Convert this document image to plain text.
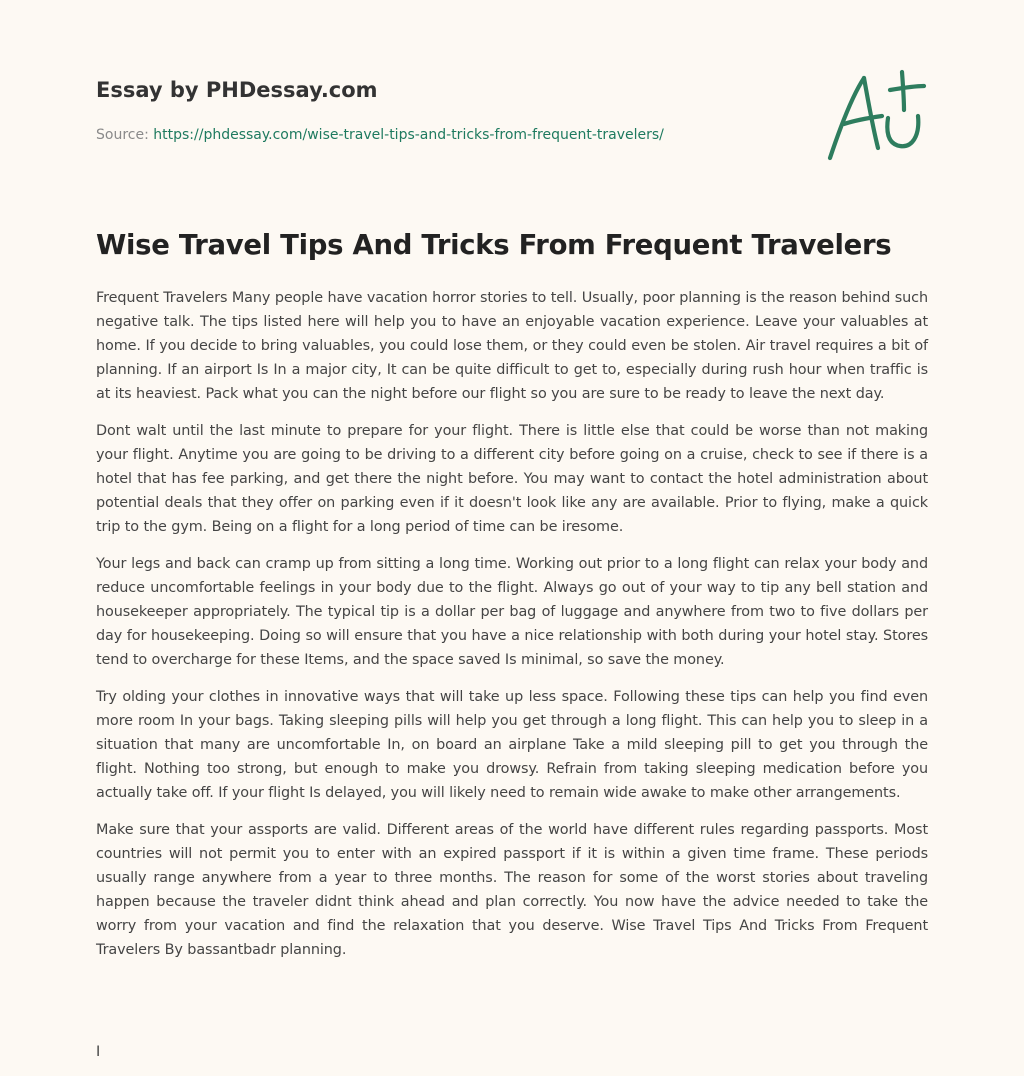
Essay by PHDessay.com
Source: https://phdessay.com/wise-travel-tips-and-tricks-from-frequent-travelers/
Wise Travel Tips And Tricks From Frequent Travelers

Frequent Travelers Many people have vacation horror stories to tell. Usually, poor planning is the reason behind such negative talk. The tips listed here will help you to have an enjoyable vacation experience. Leave your valuables at home. If you decide to bring valuables, you could lose them, or they could even be stolen. Air travel requires a bit of planning. If an airport Is In a major city, It can be quite difficult to get to, especially during rush hour when traffic is at its heaviest. Pack what you can the night before our flight so you are sure to be ready to leave the next day.

Dont walt until the last minute to prepare for your flight. There is little else that could be worse than not making your flight. Anytime you are going to be driving to a different city before going on a cruise, check to see if there is a hotel that has fee parking, and get there the night before. You may want to contact the hotel administration about potential deals that they offer on parking even if it doesn't look like any are available. Prior to flying, make a quick trip to the gym. Being on a flight for a long period of time can be iresome.

Your legs and back can cramp up from sitting a long time. Working out prior to a long flight can relax your body and reduce uncomfortable feelings in your body due to the flight. Always go out of your way to tip any bell station and housekeeper appropriately. The typical tip is a dollar per bag of luggage and anywhere from two to five dollars per day for housekeeping. Doing so will ensure that you have a nice relationship with both during your hotel stay. Stores tend to overcharge for these Items, and the space saved Is minimal, so save the money.

Try olding your clothes in innovative ways that will take up less space. Following these tips can help you find even more room In your bags. Taking sleeping pills will help you get through a long flight. This can help you to sleep in a situation that many are uncomfortable In, on board an airplane Take a mild sleeping pill to get you through the flight. Nothing too strong, but enough to make you drowsy. Refrain from taking sleeping medication before you actually take off. If your flight Is delayed, you will likely need to remain wide awake to make other arrangements.

Make sure that your assports are valid. Different areas of the world have different rules regarding passports. Most countries will not permit you to enter with an expired passport if it is within a given time frame. These periods usually range anywhere from a year to three months. The reason for some of the worst stories about traveling happen because the traveler didnt think ahead and plan correctly. You now have the advice needed to take the worry from your vacation and find the relaxation that you deserve. Wise Travel Tips And Tricks From Frequent Travelers By bassantbadr planning.

I
